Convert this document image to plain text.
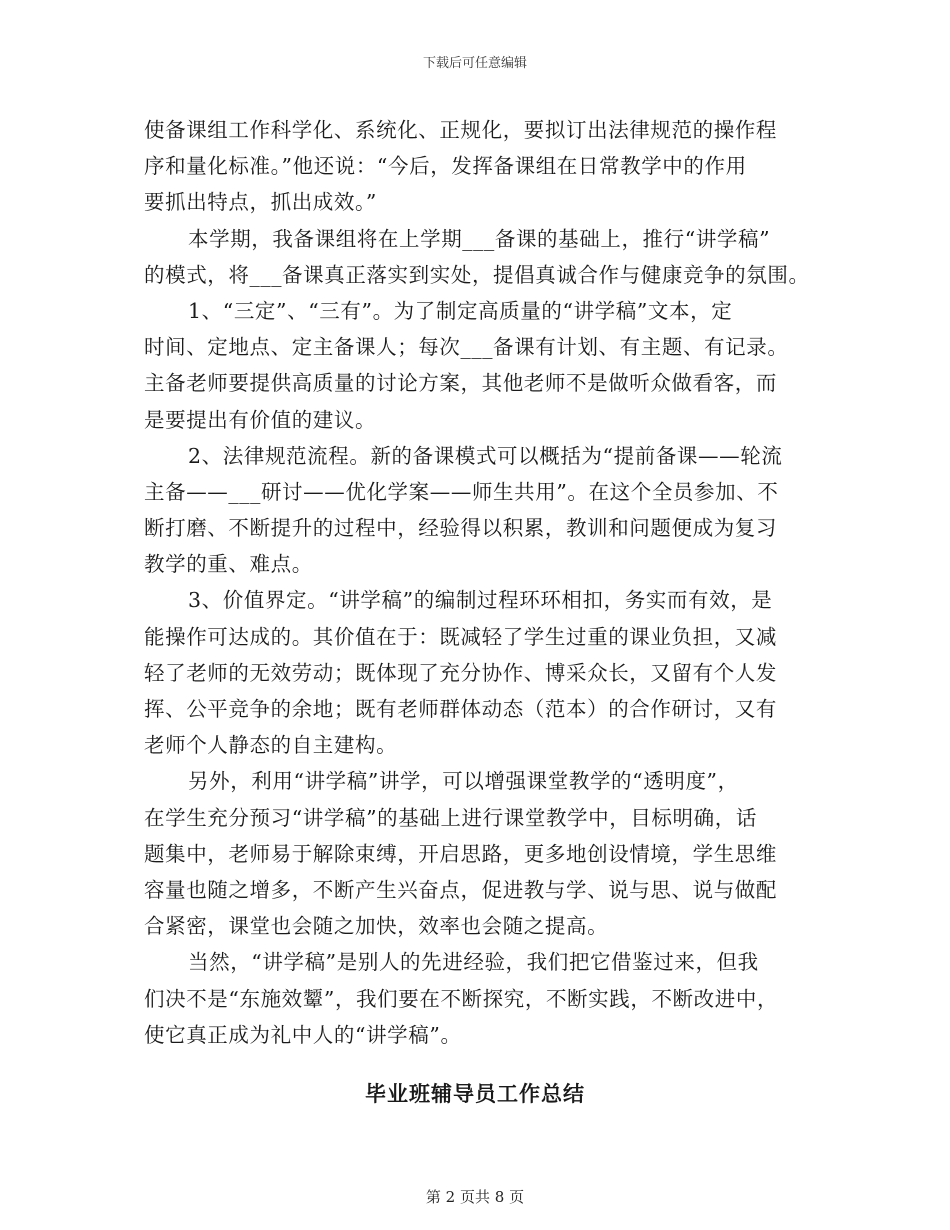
下载后可任意编辑
使备课组工作科学化、系统化、正规化，要拟订出法律规范的操作程
序和量化标准。”他还说：“今后，发挥备课组在日常教学中的作用
要抓出特点，抓出成效。”
本学期，我备课组将在上学期___备课的基础上，推行“讲学稿”
的模式，将___备课真正落实到实处，提倡真诚合作与健康竞争的氛围。
1、“三定”、“三有”。为了制定高质量的“讲学稿”文本，定
时间、定地点、定主备课人；每次___备课有计划、有主题、有记录。
主备老师要提供高质量的讨论方案，其他老师不是做听众做看客，而
是要提出有价值的建议。
2、法律规范流程。新的备课模式可以概括为“提前备课——轮流
主备——___研讨——优化学案——师生共用”。在这个全员参加、不
断打磨、不断提升的过程中，经验得以积累，教训和问题便成为复习
教学的重、难点。
3、价值界定。“讲学稿”的编制过程环环相扣，务实而有效，是
能操作可达成的。其价值在于：既减轻了学生过重的课业负担，又减
轻了老师的无效劳动；既体现了充分协作、博采众长，又留有个人发
挥、公平竞争的余地；既有老师群体动态（范本）的合作研讨，又有
老师个人静态的自主建构。
另外，利用“讲学稿”讲学，可以增强课堂教学的“透明度”，
在学生充分预习“讲学稿”的基础上进行课堂教学中，目标明确，话
题集中，老师易于解除束缚，开启思路，更多地创设情境，学生思维
容量也随之增多，不断产生兴奋点，促进教与学、说与思、说与做配
合紧密，课堂也会随之加快，效率也会随之提高。
当然，“讲学稿”是别人的先进经验，我们把它借鉴过来，但我
们决不是“东施效颦”，我们要在不断探究，不断实践，不断改进中，
使它真正成为礼中人的“讲学稿”。
毕业班辅导员工作总结
第 2 页共 8 页
